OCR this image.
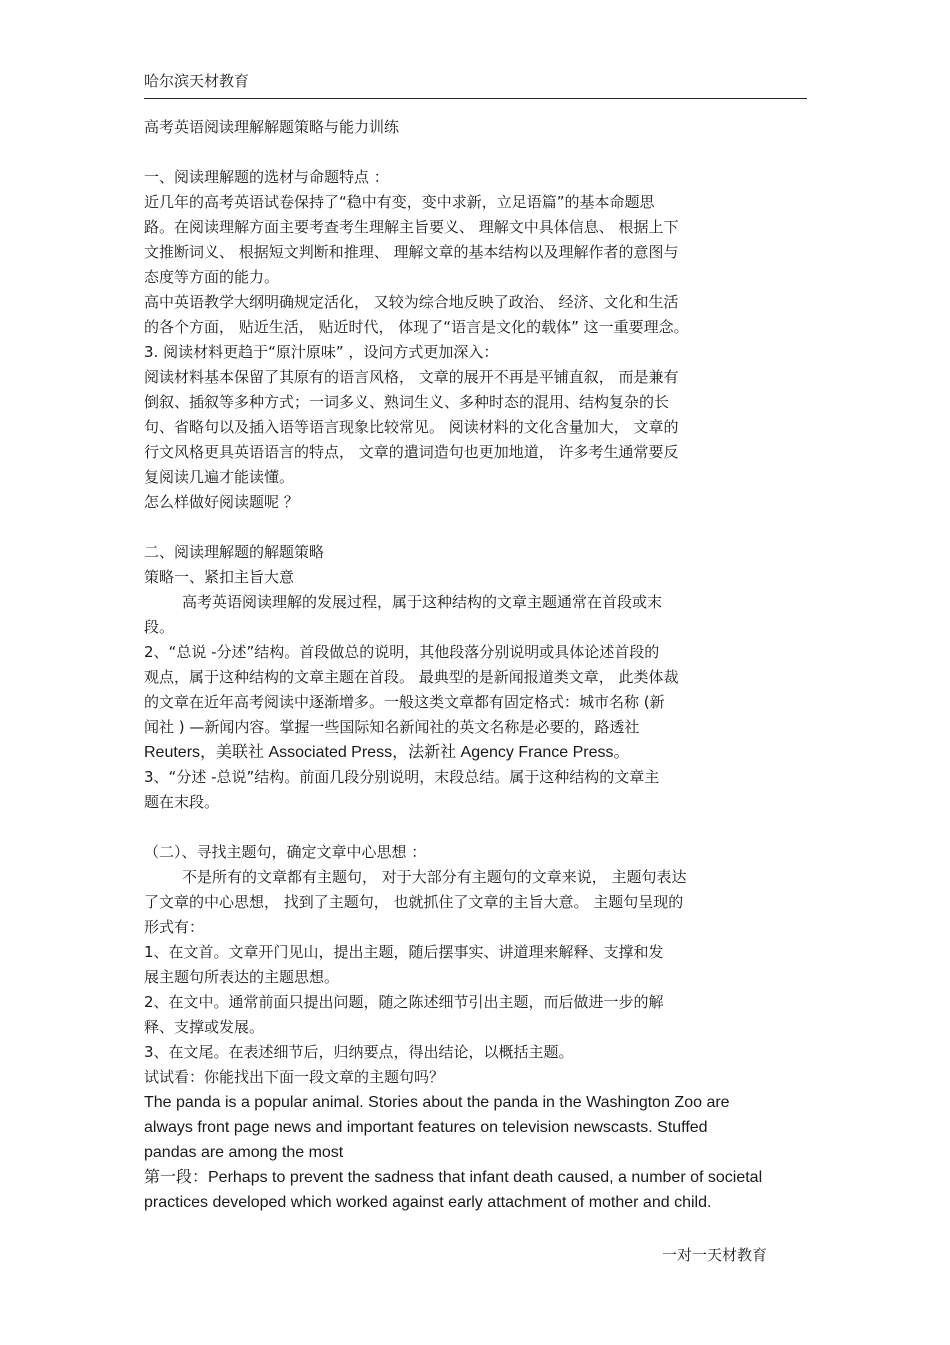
哈尔滨天材教育
高考英语阅读理解解题策略与能力训练
一、阅读理解题的选材与命题特点 ：
近几年的高考英语试卷保持了“稳中有变，变中求新，立足语篇”的基本命题思
路。在阅读理解方面主要考查考生理解主旨要义、 理解文中具体信息、 根据上下
文推断词义、 根据短文判断和推理、 理解文章的基本结构以及理解作者的意图与
态度等方面的能力。
高中英语教学大纲明确规定活化， 又较为综合地反映了政治、 经济、文化和生活
的各个方面， 贴近生活， 贴近时代， 体现了“语言是文化的载体” 这一重要理念。
3. 阅读材料更趋于“原汁原味” ，设问方式更加深入：
阅读材料基本保留了其原有的语言风格， 文章的展开不再是平铺直叙， 而是兼有
倒叙、插叙等多种方式；一词多义、熟词生义、多种时态的混用、结构复杂的长
句、省略句以及插入语等语言现象比较常见。 阅读材料的文化含量加大， 文章的
行文风格更具英语语言的特点， 文章的遣词造句也更加地道， 许多考生通常要反
复阅读几遍才能读懂。
怎么样做好阅读题呢 ？
二、阅读理解题的解题策略
策略一、紧扣主旨大意
高考英语阅读理解的发展过程，属于这种结构的文章主题通常在首段或末
段。
2、“总说 -分述”结构。首段做总的说明，其他段落分别说明或具体论述首段的
观点，属于这种结构的文章主题在首段。 最典型的是新闻报道类文章， 此类体裁
的文章在近年高考阅读中逐渐增多。一般这类文章都有固定格式：城市名称 (新
闻社 ) —新闻内容。掌握一些国际知名新闻社的英文名称是必要的，路透社
Reuters，美联社 Associated Press，法新社 Agency France Press。
3、“分述 -总说”结构。前面几段分别说明，末段总结。属于这种结构的文章主
题在末段。
（二）、寻找主题句，确定文章中心思想 ：
不是所有的文章都有主题句， 对于大部分有主题句的文章来说， 主题句表达
了文章的中心思想， 找到了主题句， 也就抓住了文章的主旨大意。 主题句呈现的
形式有：
1、在文首。文章开门见山，提出主题，随后摆事实、讲道理来解释、支撑和发
展主题句所表达的主题思想。
2、在文中。通常前面只提出问题，随之陈述细节引出主题，而后做进一步的解
释、支撑或发展。
3、在文尾。在表述细节后，归纳要点，得出结论，以概括主题。
试试看：你能找出下面一段文章的主题句吗？
The panda is a popular animal. Stories about the panda in the Washington Zoo are
always front page news and important features on television newscasts. Stuffed
pandas are among the most
第一段：Perhaps to prevent the sadness that infant death caused, a number of societal
practices developed which worked against early attachment of mother and child.
一对一天材教育
